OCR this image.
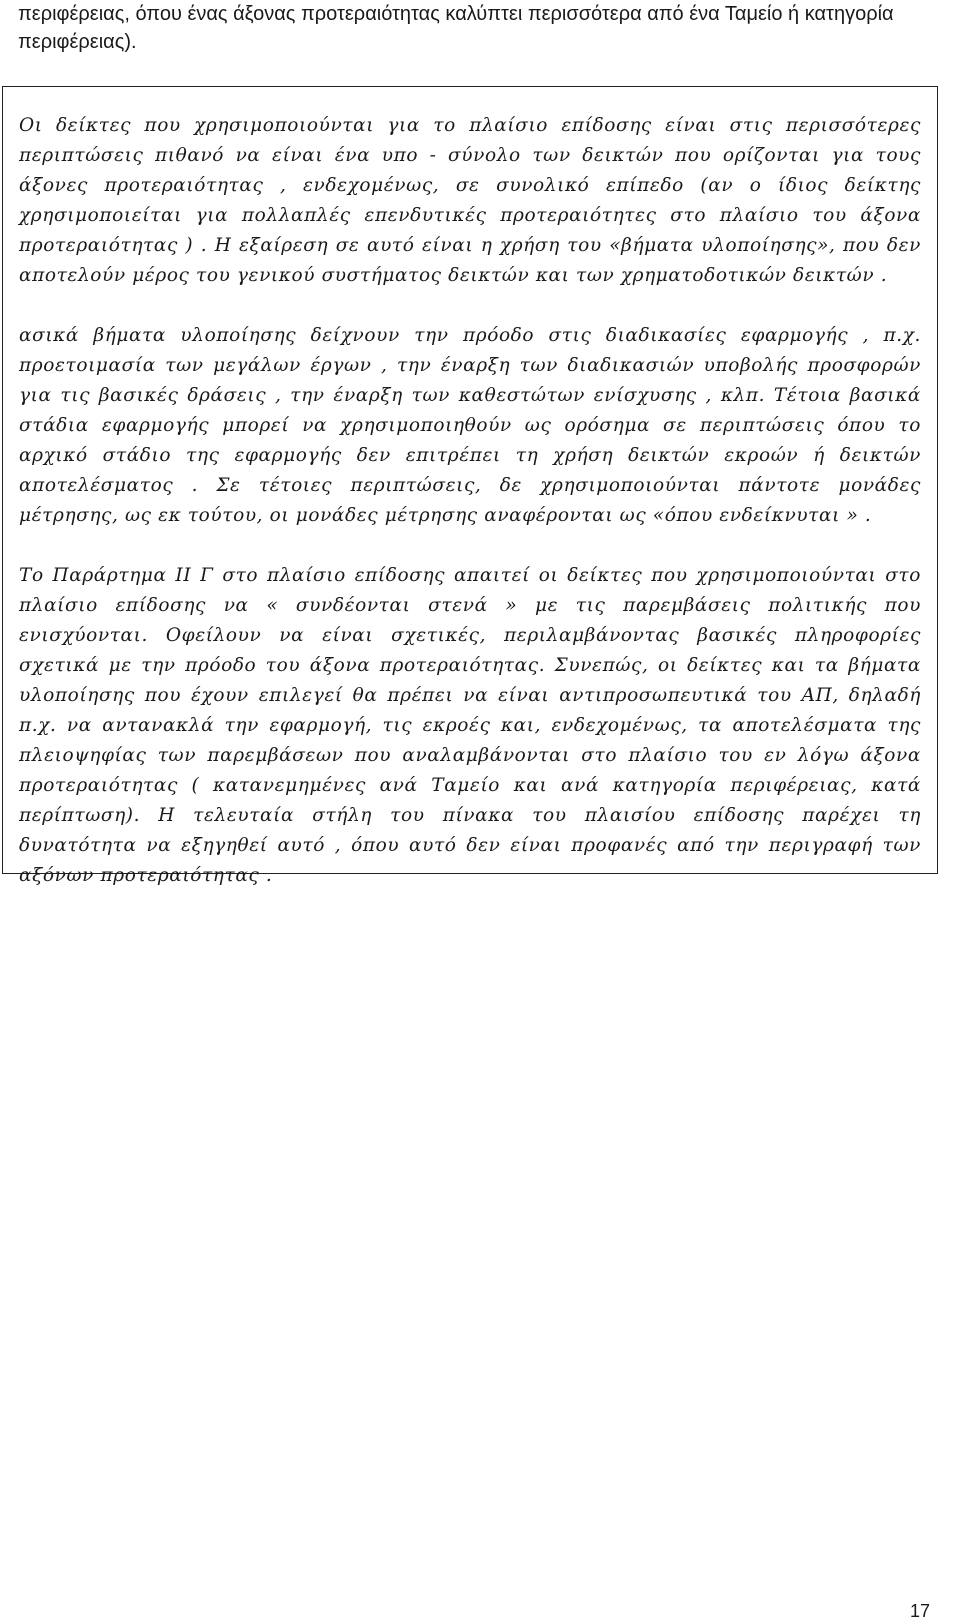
περιφέρειας, όπου ένας άξονας προτεραιότητας καλύπτει περισσότερα από ένα Ταμείο ή κατηγορία περιφέρειας).

Οι δείκτες που χρησιμοποιούνται για το πλαίσιο επίδοσης είναι στις περισσότερες περιπτώσεις πιθανό να είναι ένα υπο - σύνολο των δεικτών που ορίζονται για τους άξονες προτεραιότητας , ενδεχομένως, σε συνολικό επίπεδο (αν ο ίδιος δείκτης χρησιμοποιείται για πολλαπλές επενδυτικές προτεραιότητες στο πλαίσιο του άξονα προτεραιότητας ) . Η εξαίρεση σε αυτό είναι η χρήση του «βήματα υλοποίησης», που δεν αποτελούν μέρος του γενικού συστήματος δεικτών και των χρηματοδοτικών δεικτών .

ασικά βήματα υλοποίησης δείχνουν την πρόοδο στις διαδικασίες εφαρμογής , π.χ. προετοιμασία των μεγάλων έργων , την έναρξη των διαδικασιών υποβολής προσφορών για τις βασικές δράσεις , την έναρξη των καθεστώτων ενίσχυσης , κλπ. Τέτοια βασικά στάδια εφαρμογής μπορεί να χρησιμοποιηθούν ως ορόσημα σε περιπτώσεις όπου το αρχικό στάδιο της εφαρμογής δεν επιτρέπει τη χρήση δεικτών εκροών ή δεικτών αποτελέσματος . Σε τέτοιες περιπτώσεις, δε χρησιμοποιούνται πάντοτε μονάδες μέτρησης, ως εκ τούτου, οι μονάδες μέτρησης αναφέρονται ως «όπου ενδείκνυται » .

Το Παράρτημα ΙΙ Γ στο πλαίσιο επίδοσης απαιτεί οι δείκτες που χρησιμοποιούνται στο πλαίσιο επίδοσης να « συνδέονται στενά » με τις παρεμβάσεις πολιτικής που ενισχύονται. Οφείλουν να είναι σχετικές, περιλαμβάνοντας βασικές πληροφορίες σχετικά με την πρόοδο του άξονα προτεραιότητας. Συνεπώς, οι δείκτες και τα βήματα υλοποίησης που έχουν επιλεγεί θα πρέπει να είναι αντιπροσωπευτικά του ΑΠ, δηλαδή π.χ. να αντανακλά την εφαρμογή, τις εκροές και, ενδεχομένως, τα αποτελέσματα της πλειοψηφίας των παρεμβάσεων που αναλαμβάνονται στο πλαίσιο του εν λόγω άξονα προτεραιότητας ( κατανεμημένες ανά Ταμείο και ανά κατηγορία περιφέρειας, κατά περίπτωση). Η τελευταία στήλη του πίνακα του πλαισίου επίδοσης παρέχει τη δυνατότητα να εξηγηθεί αυτό , όπου αυτό δεν είναι προφανές από την περιγραφή των αξόνων προτεραιότητας .

17
